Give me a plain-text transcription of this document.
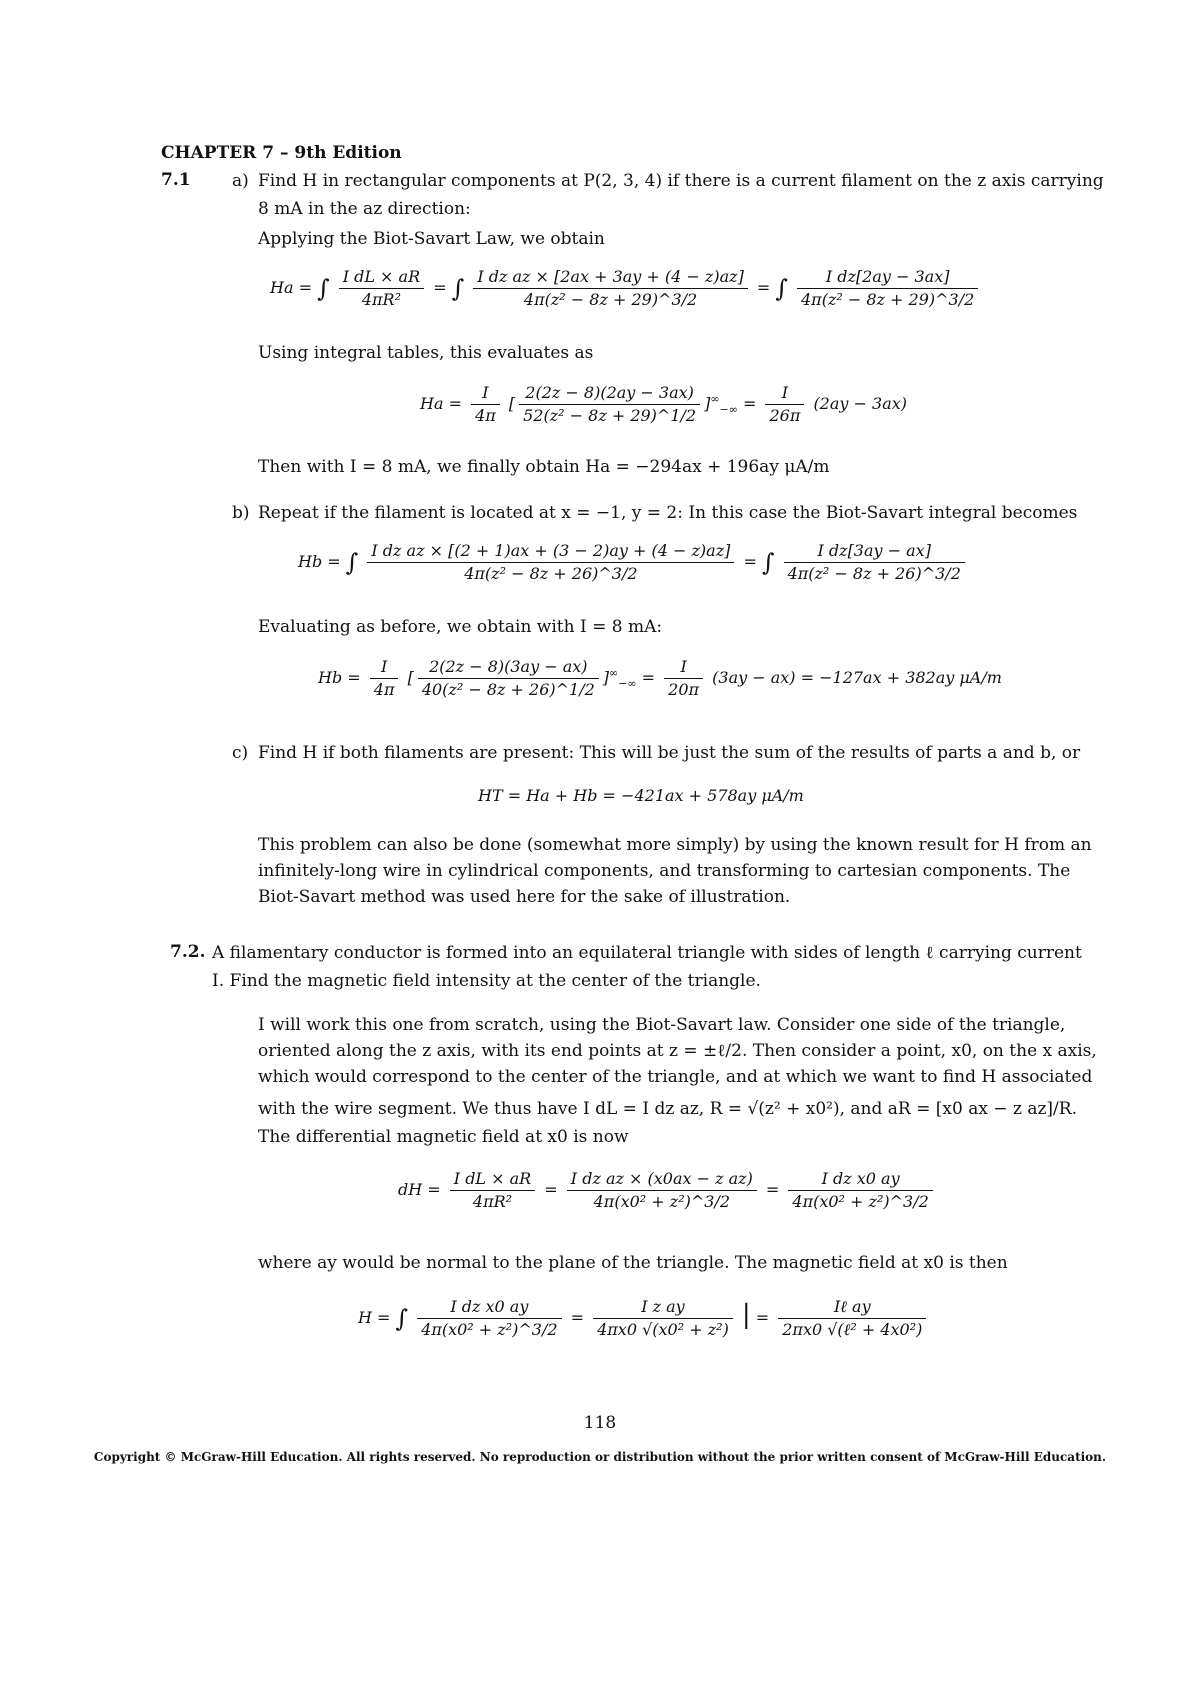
CHAPTER 7 – 9th Edition
7.1 a) Find H in rectangular components at P(2, 3, 4) if there is a current filament on the z axis carrying
8 mA in the az direction:
Applying the Biot-Savart Law, we obtain
Ha = ∫ $\frac{\text{I dL × aR}}{\text{4πR²}}$ = ∫ $\frac{\text{I dz az × [2ax + 3ay + (4 − z)az]}}{\text{4π(z² − 8z + 29)\textasciicircum{}3/2}}$ = ∫ $\frac{\text{I dz[2ay − 3ax]}}{\text{4π(z² − 8z + 29)\textasciicircum{}3/2}}$
Using integral tables, this evaluates as
$Ha = \frac{I}{4\pi}$ [ $\frac{2(2z - 8)(2ay - 3ax)}{\text{52(z² − 8z + 29)\textasciicircum{}1/2}} ]^\infty_{-\infty} = \frac{I}{26\pi} (2ay - 3ax)$
Then with I = 8 mA, we finally obtain Ha = −294ax + 196ay μA/m
b) Repeat if the filament is located at x = −1, y = 2: In this case the Biot-Savart integral becomes
Hb = ∫ $\frac{\text{I dz az × [(2 + 1)ax + (3 − 2)ay + (4 − z)az]}}{\text{4π(z² − 8z + 26)\textasciicircum{}3/2}}$ = ∫ $\frac{\text{I dz[3ay − ax]}}{\text{4π(z² − 8z + 26)\textasciicircum{}3/2}}$
Evaluating as before, we obtain with I = 8 mA:
$Hb = \frac{I}{4\pi}$ [ $\frac{2(2z - 8)(3ay - ax)}{\text{40(z² − 8z + 26)\textasciicircum{}1/2}} ]^\infty_{-\infty} = \frac{I}{20\pi} (3ay - ax) = -127ax + 382ay$ μA/m
c) Find H if both filaments are present: This will be just the sum of the results of parts a and b, or
HT = Ha + Hb = −421ax + 578ay μA/m
This problem can also be done (somewhat more simply) by using the known result for H from an
infinitely-long wire in cylindrical components, and transforming to cartesian components. The
Biot-Savart method was used here for the sake of illustration.
7.2. A filamentary conductor is formed into an equilateral triangle with sides of length ℓ carrying current
I. Find the magnetic field intensity at the center of the triangle.
I will work this one from scratch, using the Biot-Savart law. Consider one side of the triangle,
oriented along the z axis, with its end points at z = ±ℓ/2. Then consider a point, x0, on the x axis,
which would correspond to the center of the triangle, and at which we want to find H associated
with the wire segment. We thus have I dL = I dz az, R = √(z² + x0²), and aR = [x0 ax − z az]/R.
The differential magnetic field at x0 is now
dH = $\frac{\text{I dL × aR}}{\text{4πR²}} = \frac{\text{I dz az × (x0ax − z az)}}{\text{4π(x0² + z²)\textasciicircum{}3/2}} = \frac{\text{I dz x0 ay}}{\text{4π(x0² + z²)\textasciicircum{}3/2}}$
where ay would be normal to the plane of the triangle. The magnetic field at x0 is then
H = ∫ $\frac{\text{I dz x0 ay}}{\text{4π(x0² + z²)\textasciicircum{}3/2}} = \frac{\text{I z ay}}{\text{4πx0 √(x0² + z²)}}$ | = $\frac{\text{Iℓ ay}}{\text{2πx0 √(ℓ² + 4x0²)}}$
118
Copyright © McGraw-Hill Education. All rights reserved. No reproduction or distribution without the prior written consent of McGraw-Hill Education.
